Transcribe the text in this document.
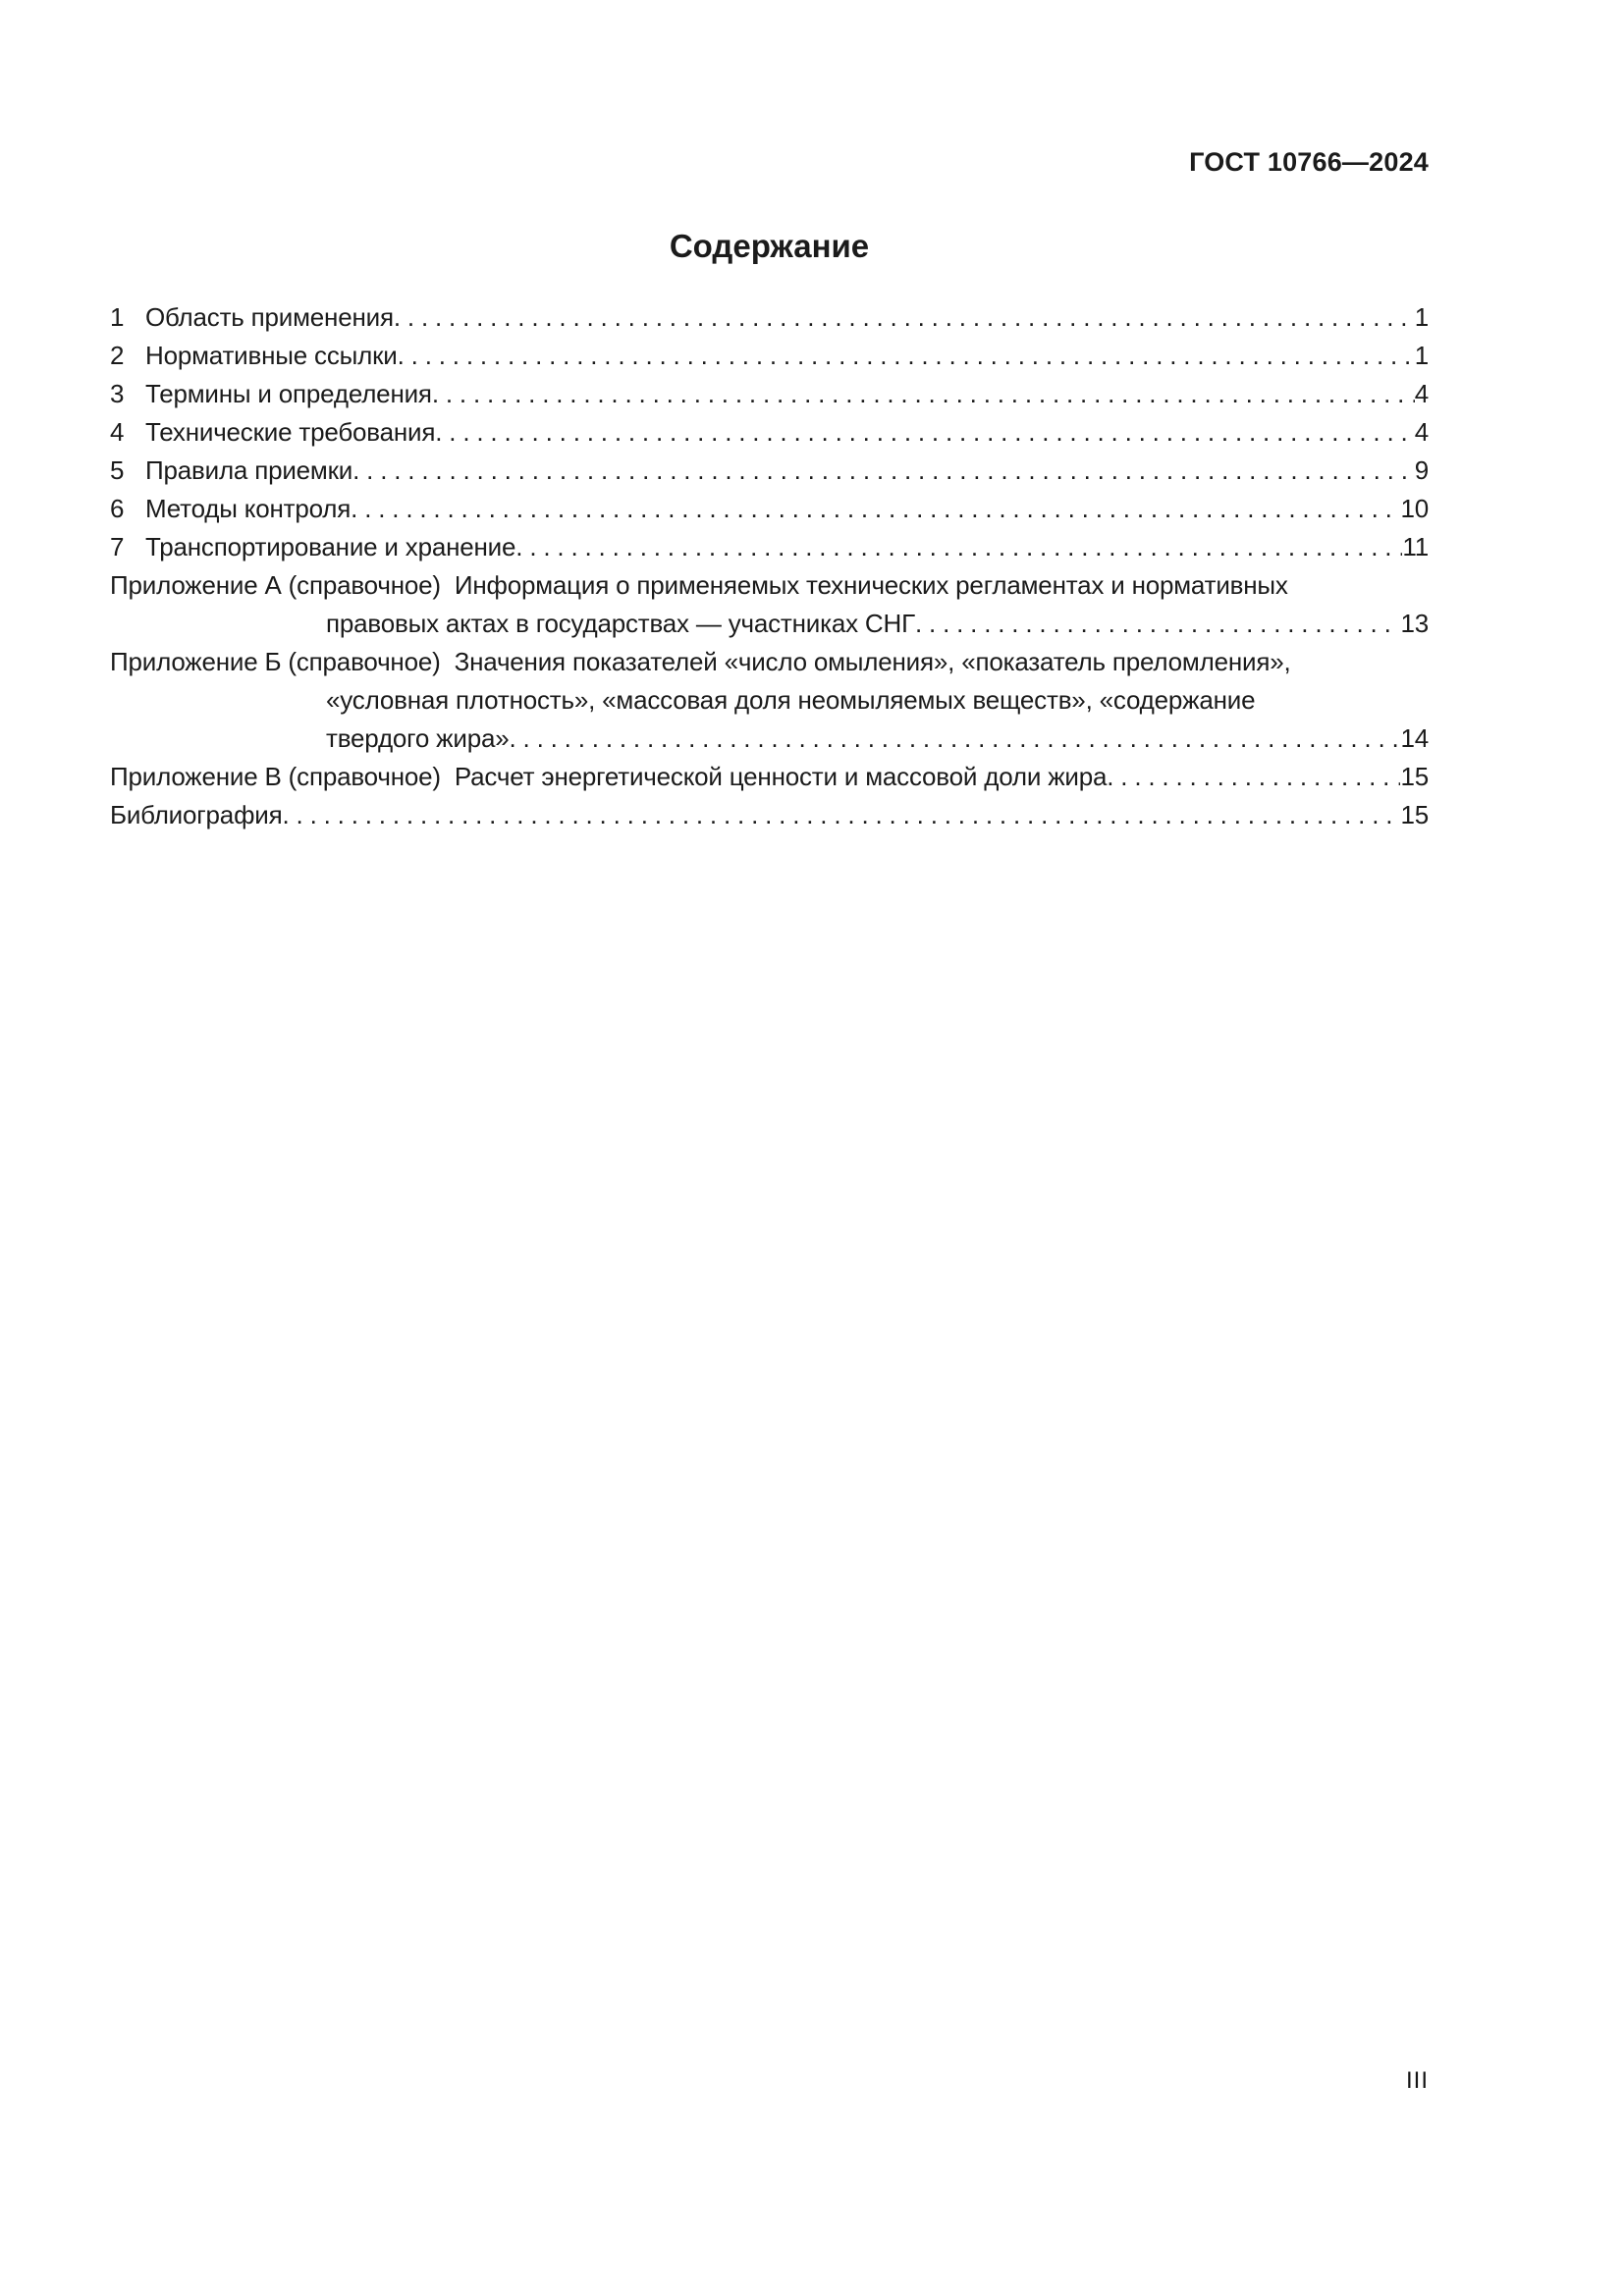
ГОСТ 10766—2024
Содержание
1 Область применения . . .	1
2 Нормативные ссылки . . .	1
3 Термины и определения . . .	4
4 Технические требования . . .	4
5 Правила приемки . . .	9
6 Методы контроля . . .	10
7 Транспортирование и хранение . . .	11
Приложение А (справочное)  Информация о применяемых технических регламентах и нормативных
правовых актах в государствах — участниках СНГ . . .	13
Приложение Б (справочное)  Значения показателей «число омыления», «показатель преломления»,
«условная плотность», «массовая доля неомыляемых веществ», «содержание
твердого жира» . . .	14
Приложение В (справочное)  Расчет энергетической ценности и массовой доли жира . . .	15
Библиография . . .	15
III
